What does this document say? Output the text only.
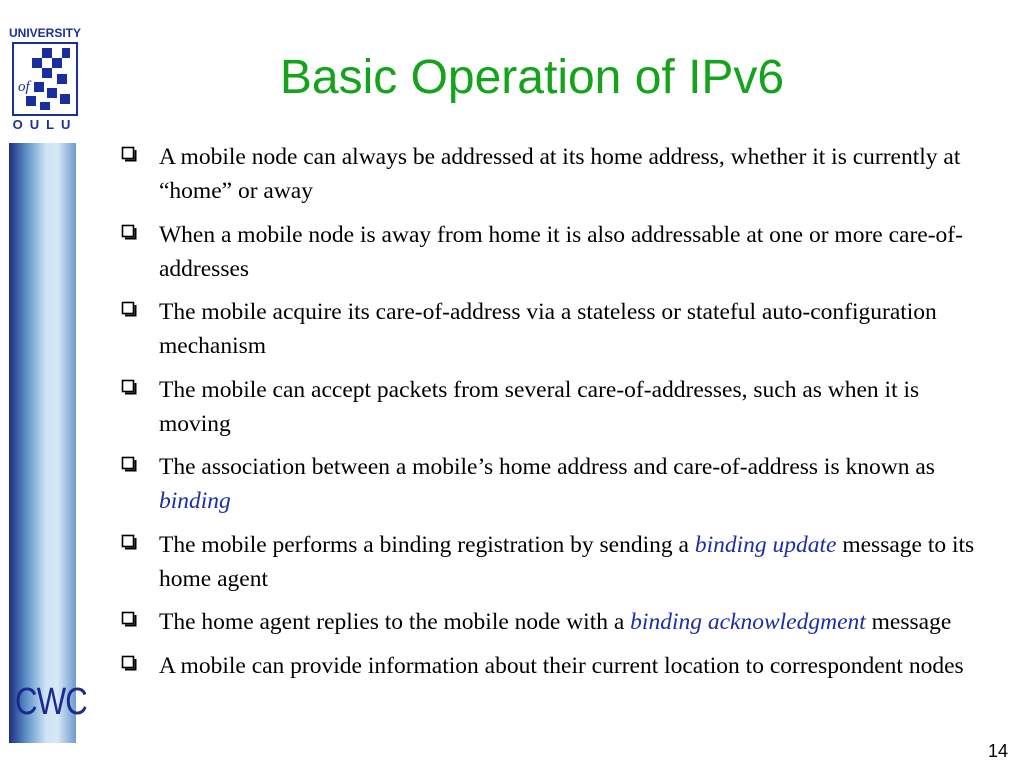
UNIVERSITY
of
OULU
CWC
Basic Operation of IPv6
A mobile node can always be addressed at its home address, whether it is currently at “home” or away
When a mobile node is away from home it is also addressable at one or more care-of-addresses
The mobile acquire its care-of-address via a stateless or stateful auto-configuration mechanism
The mobile can accept packets from several care-of-addresses, such as when it is moving
The association between a mobile’s home address and care-of-address is known as binding
The mobile performs a binding registration by sending a binding update message to its home agent
The home agent replies to the mobile node with a binding acknowledgment message
A mobile can provide information about their current location to correspondent nodes
14
